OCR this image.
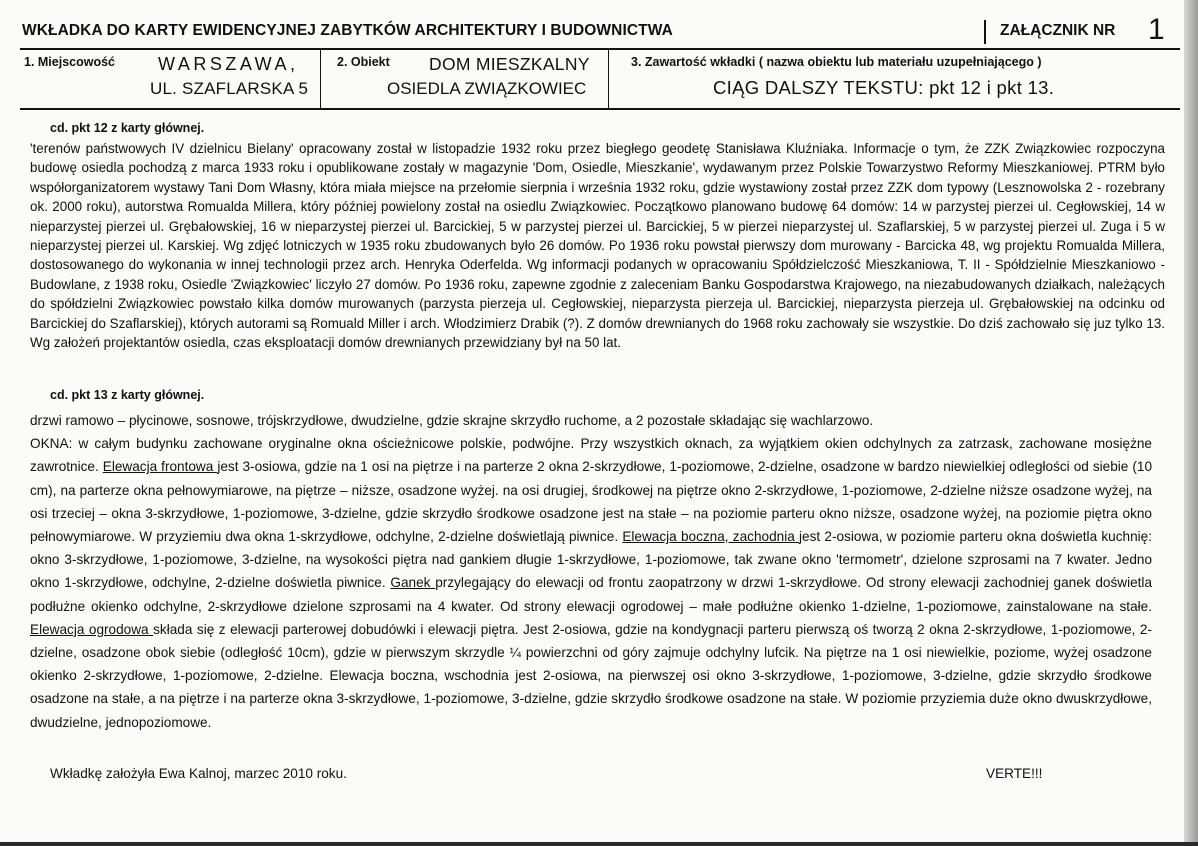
WKŁADKA DO KARTY EWIDENCYJNEJ ZABYTKÓW ARCHITEKTURY I BUDOWNICTWA	ZAŁĄCZNIK NR 1
1. Miejscowość WARSZAWA,
UL. SZAFLARSKA 5
2. Obiekt DOM MIESZKALNY
OSIEDLA ZWIĄZKOWIEC
3. Zawartość wkładki ( nazwa obiektu lub materiału uzupełniającego )
CIĄG DALSZY TEKSTU: pkt 12 i pkt 13.
cd. pkt 12 z karty głównej.
'terenów państwowych IV dzielnicu Bielany' opracowany został w listopadzie 1932 roku przez biegłego geodetę Stanisława Kluźniaka. Informacje o tym, że ZZK Związkowiec rozpoczyna budowę osiedla pochodzą z marca 1933 roku i opublikowane zostały w magazynie 'Dom, Osiedle, Mieszkanie', wydawanym przez Polskie Towarzystwo Reformy Mieszkaniowej. PTRM było współorganizatorem wystawy Tani Dom Własny, która miała miejsce na przełomie sierpnia i września 1932 roku, gdzie wystawiony został przez ZZK dom typowy (Lesznowolska 2 - rozebrany ok. 2000 roku), autorstwa Romualda Millera, który później powielony został na osiedlu Związkowiec. Początkowo planowano budowę 64 domów: 14 w parzystej pierzei ul. Cegłowskiej, 14 w nieparzystej pierzei ul. Grębałowskiej, 16 w nieparzystej pierzei ul. Barcickiej, 5 w parzystej pierzei ul. Barcickiej, 5 w pierzei nieparzystej ul. Szaflarskiej, 5 w parzystej pierzei ul. Zuga i 5 w nieparzystej pierzei ul. Karskiej. Wg zdjęć lotniczych w 1935 roku zbudowanych było 26 domów. Po 1936 roku powstał pierwszy dom murowany - Barcicka 48, wg projektu Romualda Millera, dostosowanego do wykonania w innej technologii przez arch. Henryka Oderfelda. Wg informacji podanych w opracowaniu Spółdzielczość Mieszkaniowa, T. II - Spółdzielnie Mieszkaniowo - Budowlane, z 1938 roku, Osiedle 'Związkowiec' liczyło 27 domów. Po 1936 roku, zapewne zgodnie z zaleceniam Banku Gospodarstwa Krajowego, na niezabudowanych działkach, należących do spółdzielni Związkowiec powstało kilka domów murowanych (parzysta pierzeja ul. Cegłowskiej, nieparzysta pierzeja ul. Barcickiej, nieparzysta pierzeja ul. Grębałowskiej na odcinku od Barcickiej do Szaflarskiej), których autorami są Romuald Miller i arch. Włodzimierz Drabik (?). Z domów drewnianych do 1968 roku zachowały sie wszystkie. Do dziś zachowało się juz tylko 13. Wg założeń projektantów osiedla, czas eksploatacji domów drewnianych przewidziany był na 50 lat.
cd. pkt 13 z karty głównej.
drzwi ramowo – płycinowe, sosnowe, trójskrzydłowe, dwudzielne, gdzie skrajne skrzydło ruchome, a 2 pozostałe składając się wachlarzowo.
OKNA: w całym budynku zachowane oryginalne okna ościeżnicowe polskie, podwójne. Przy wszystkich oknach, za wyjątkiem okien odchylnych za zatrzask, zachowane mosiężne zawrotnice. Elewacja frontowa jest 3-osiowa, gdzie na 1 osi na piętrze i na parterze 2 okna 2-skrzydłowe, 1-poziomowe, 2-dzielne, osadzone w bardzo niewielkiej odległości od siebie (10 cm), na parterze okna pełnowymiarowe, na piętrze – niższe, osadzone wyżej. na osi drugiej, środkowej na piętrze okno 2-skrzydłowe, 1-poziomowe, 2-dzielne niższe osadzone wyżej, na osi trzeciej – okna 3-skrzydłowe, 1-poziomowe, 3-dzielne, gdzie skrzydło środkowe osadzone jest na stałe – na poziomie parteru okno niższe, osadzone wyżej, na poziomie piętra okno pełnowymiarowe. W przyziemiu dwa okna 1-skrzydłowe, odchylne, 2-dzielne doświetlają piwnice. Elewacja boczna, zachodnia jest 2-osiowa, w poziomie parteru okna doświetla kuchnię: okno 3-skrzydłowe, 1-poziomowe, 3-dzielne, na wysokości piętra nad gankiem długie 1-skrzydłowe, 1-poziomowe, tak zwane okno 'termometr', dzielone szprosami na 7 kwater. Jedno okno 1-skrzydłowe, odchylne, 2-dzielne doświetla piwnice. Ganek przylegający do elewacji od frontu zaopatrzony w drzwi 1-skrzydłowe. Od strony elewacji zachodniej ganek doświetla podłużne okienko odchylne, 2-skrzydłowe dzielone szprosami na 4 kwater. Od strony elewacji ogrodowej – małe podłużne okienko 1-dzielne, 1-poziomowe, zainstalowane na stałe. Elewacja ogrodowa składa się z elewacji parterowej dobudówki i elewacji piętra. Jest 2-osiowa, gdzie na kondygnacji parteru pierwszą oś tworzą 2 okna 2-skrzydłowe, 1-poziomowe, 2-dzielne, osadzone obok siebie (odległość 10cm), gdzie w pierwszym skrzydle ¼ powierzchni od góry zajmuje odchylny lufcik. Na piętrze na 1 osi niewielkie, poziome, wyżej osadzone okienko 2-skrzydłowe, 1-poziomowe, 2-dzielne. Elewacja boczna, wschodnia jest 2-osiowa, na pierwszej osi okno 3-skrzydłowe, 1-poziomowe, 3-dzielne, gdzie skrzydło środkowe osadzone na stałe, a na piętrze i na parterze okna 3-skrzydłowe, 1-poziomowe, 3-dzielne, gdzie skrzydło środkowe osadzone na stałe. W poziomie przyziemia duże okno dwuskrzydłowe, dwudzielne, jednopoziomowe.
Wkładkę założyła Ewa Kalnoj, marzec 2010 roku.	VERTE!!!
